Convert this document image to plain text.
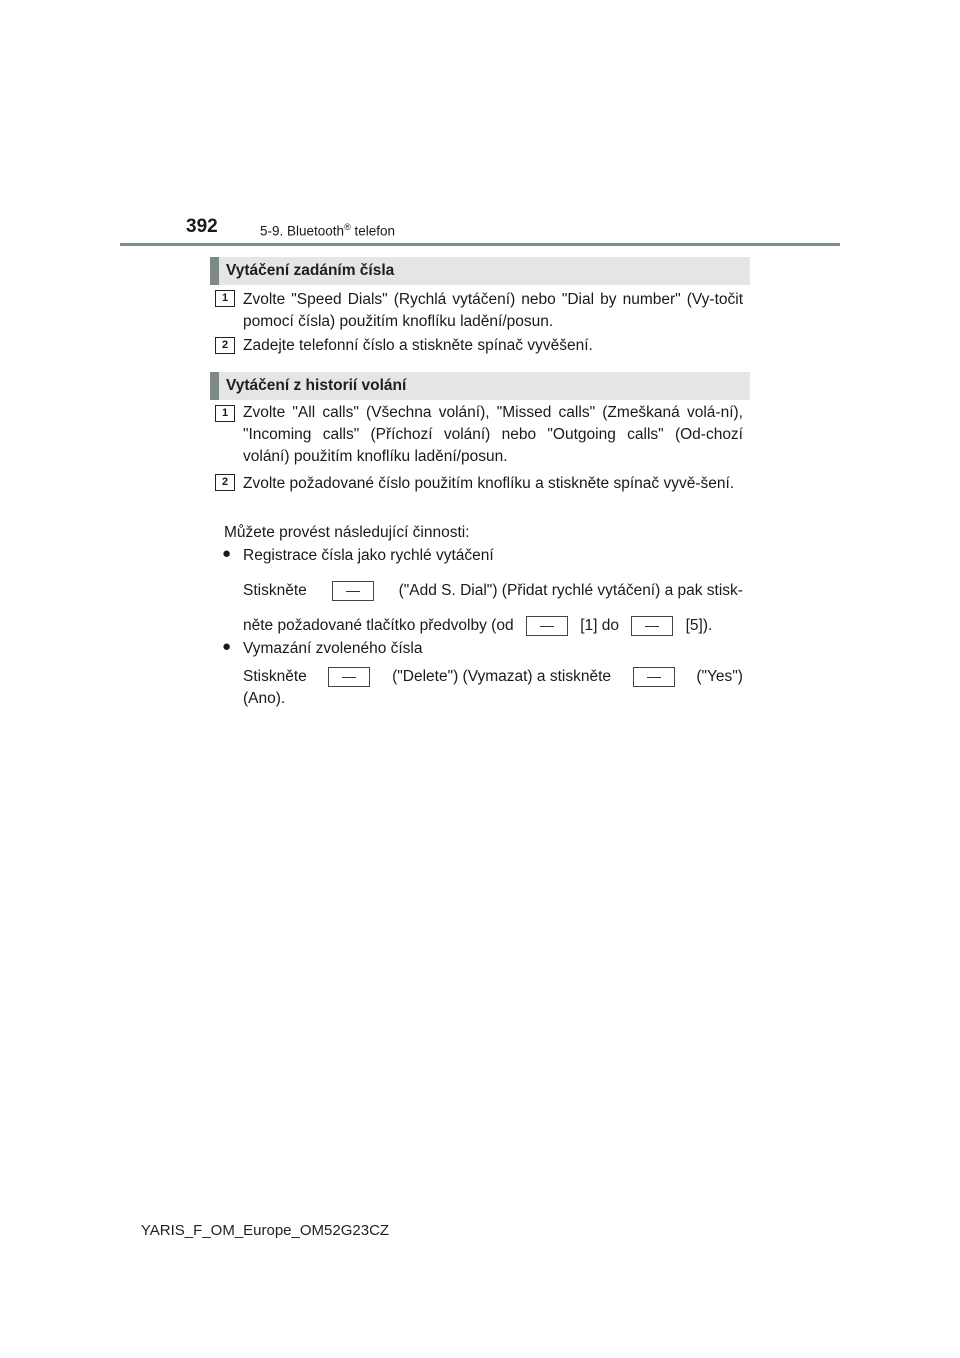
392	5-9. Bluetooth® telefon
Vytáčení zadáním čísla
1 Zvolte "Speed Dials" (Rychlá vytáčení) nebo "Dial by number" (Vy-točit pomocí čísla) použitím knoflíku ladění/posun.
2 Zadejte telefonní číslo a stiskněte spínač vyvěšení.
Vytáčení z historií volání
1 Zvolte "All calls" (Všechna volání), "Missed calls" (Zmeškaná volá-ní), "Incoming calls" (Příchozí volání) nebo "Outgoing calls" (Od-chozí volání) použitím knoflíku ladění/posun.
2 Zvolte požadované číslo použitím knoflíku a stiskněte spínač vyvě-šení.
Můžete provést následující činnosti:
● Registrace čísla jako rychlé vytáčení
Stiskněte	("Add S. Dial") (Přidat rychlé vytáčení) a pak stisk-
něte požadované tlačítko předvolby (od	[1] do	[5]).
● Vymazání zvoleného čísla
Stiskněte	("Delete") (Vymazat) a stiskněte	("Yes")
(Ano).
YARIS_F_OM_Europe_OM52G23CZ
